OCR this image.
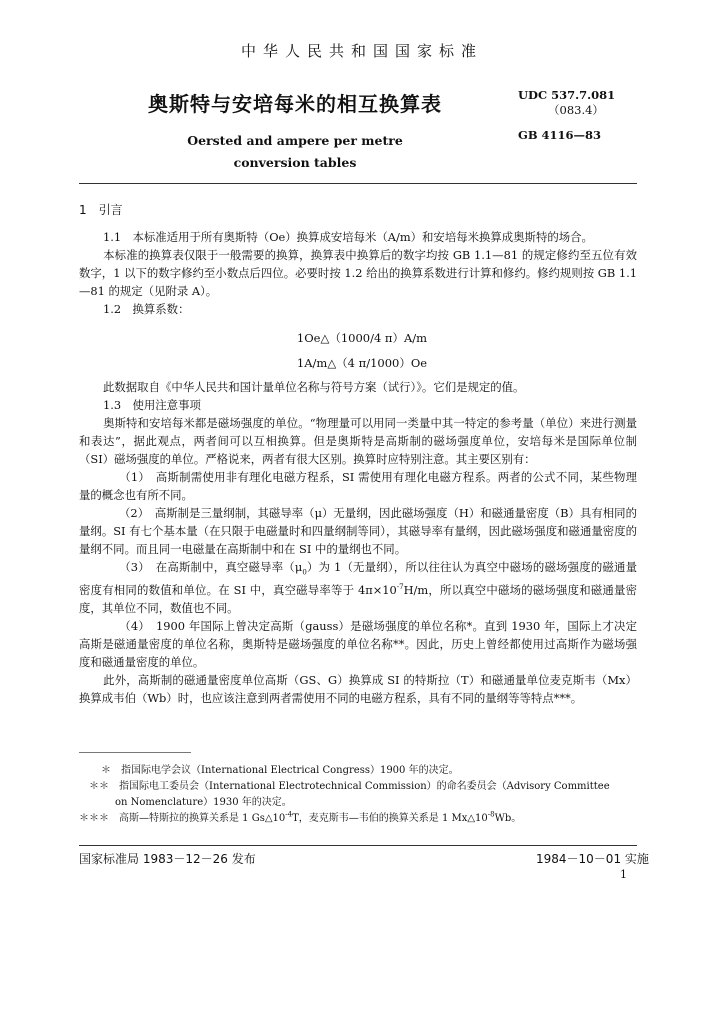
中华人民共和国国家标准
奥斯特与安培每米的相互换算表
Oersted and ampere per metre
conversion tables
UDC 537.7.081
（083.4）
GB 4116—83
1　引言
1.1　本标准适用于所有奥斯特（Oe）换算成安培每米（A/m）和安培每米换算成奥斯特的场合。
本标准的换算表仅限于一般需要的换算，换算表中换算后的数字均按 GB 1.1—81 的规定修约至五位有效数字，1 以下的数字修约至小数点后四位。必要时按 1.2 给出的换算系数进行计算和修约。修约规则按 GB 1.1—81 的规定（见附录 A）。
1.2　换算系数：
1Oe△（1000/4 π）A/m
1A/m△（4 π/1000）Oe
此数据取自《中华人民共和国计量单位名称与符号方案（试行）》。它们是规定的值。
1.3　使用注意事项
奥斯特和安培每米都是磁场强度的单位。“物理量可以用同一类量中其一特定的参考量（单位）来进行测量和表达”，据此观点，两者间可以互相换算。但是奥斯特是高斯制的磁场强度单位，安培每米是国际单位制（SI）磁场强度的单位。严格说来，两者有很大区别。换算时应特别注意。其主要区别有：
（1）　 高斯制需使用非有理化电磁方程系，SI 需使用有理化电磁方程系。两者的公式不同，某些物理量的概念也有所不同。
（2）　 高斯制是三量纲制，其磁导率（μ）无量纲，因此磁场强度（H）和磁通量密度（B）具有相同的量纲。SI 有七个基本量（在只限于电磁量时和四量纲制等同），其磁导率有量纲，因此磁场强度和磁通量密度的量纲不同。而且同一电磁量在高斯制中和在 SI 中的量纲也不同。
（3）　 在高斯制中，真空磁导率$(\mu_0)$为 1（无量纲），所以往往认为真空中磁场的磁场强度的磁通量密度有相同的数值和单位。在 SI 中，真空磁导率等于 $4\pi\times 10^{-7}H/m$，所以真空中磁场的磁场强度和磁通量密度，其单位不同，数值也不同。
（4）　 1900 年国际上曾决定高斯（gauss）是磁场强度的单位名称*。直到 1930 年，国际上才决定高斯是磁通量密度的单位名称，奥斯特是磁场强度的单位名称**。因此，历史上曾经都使用过高斯作为磁场强度和磁通量密度的单位。
此外，高斯制的磁通量密度单位高斯（GS、G）换算成 SI 的特斯拉（T）和磁通量单位麦克斯韦（Mx）换算成韦伯（Wb）时，也应该注意到两者需使用不同的电磁方程系，具有不同的量纲等等特点***。
＊　指国际电学会议（International Electrical Congress）1900 年的决定。
＊＊　指国际电工委员会（International Electrotechnical Commission）的命名委员会（Advisory Committee
on Nomenclature）1930 年的决定。
＊＊＊　高斯—特斯拉的换算关系是 1 $Gs\triangle 10^{-4}T$，麦克斯韦—韦伯的换算关系是 1 $Mx\triangle 10^{-8}Wb$。
国家标准局 1983－12－26 发布	1984－10－01 实施
1
